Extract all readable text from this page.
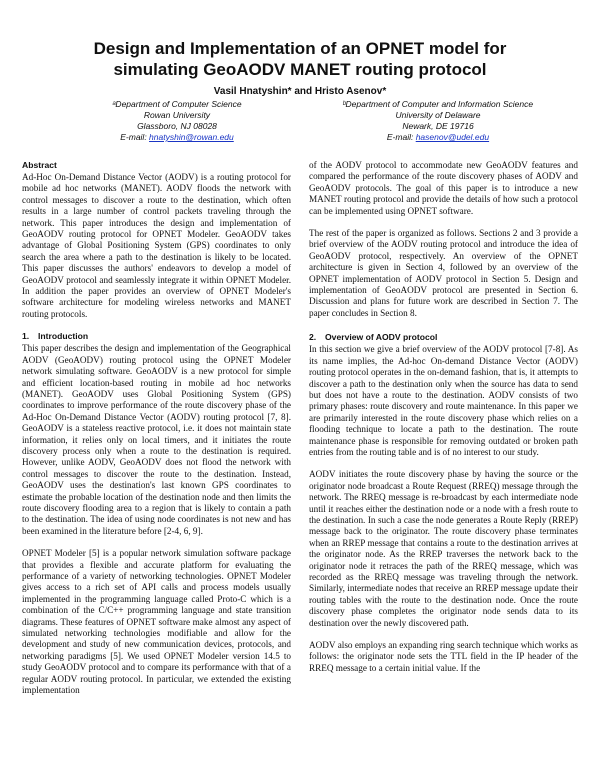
Design and Implementation of an OPNET model for simulating GeoAODV MANET routing protocol
Vasil Hnatyshin* and Hristo Asenov*
ᵃDepartment of Computer Science
Rowan University
Glassboro, NJ 08028
E-mail: hnatyshin@rowan.edu
ᵇDepartment of Computer and Information Science
University of Delaware
Newark, DE 19716
E-mail: hasenov@udel.edu
Abstract

Ad-Hoc On-Demand Distance Vector (AODV) is a routing protocol for mobile ad hoc networks (MANET). AODV floods the network with control messages to discover a route to the destination, which often results in a large number of control packets traveling through the network. This paper introduces the design and implementation of GeoAODV routing protocol for OPNET Modeler. GeoAODV takes advantage of Global Positioning System (GPS) coordinates to only search the area where a path to the destination is likely to be located. This paper discusses the authors' endeavors to develop a model of GeoAODV protocol and seamlessly integrate it within OPNET Modeler. In addition the paper provides an overview of OPNET Modeler's software architecture for modeling wireless networks and MANET routing protocols.

1. Introduction

This paper describes the design and implementation of the Geographical AODV (GeoAODV) routing protocol using the OPNET Modeler network simulating software. GeoAODV is a new protocol for simple and efficient location-based routing in mobile ad hoc networks (MANET). GeoAODV uses Global Positioning System (GPS) coordinates to improve performance of the route discovery phase of the Ad-Hoc On-Demand Distance Vector (AODV) routing protocol [7, 8]. GeoAODV is a stateless reactive protocol, i.e. it does not maintain state information, it relies only on local timers, and it initiates the route discovery process only when a route to the destination is required. However, unlike AODV, GeoAODV does not flood the network with control messages to discover the route to the destination. Instead, GeoAODV uses the destination's last known GPS coordinates to estimate the probable location of the destination node and then limits the route discovery flooding area to a region that is likely to contain a path to the destination. The idea of using node coordinates is not new and has been examined in the literature before [2-4, 6, 9].

OPNET Modeler [5] is a popular network simulation software package that provides a flexible and accurate platform for evaluating the performance of a variety of networking technologies. OPNET Modeler gives access to a rich set of API calls and process models usually implemented in the programming language called Proto-C which is a combination of the C/C++ programming language and state transition diagrams. These features of OPNET software make almost any aspect of simulated networking technologies modifiable and allow for the development and study of new communication devices, protocols, and networking paradigms [5]. We used OPNET Modeler version 14.5 to study GeoAODV protocol and to compare its performance with that of a regular AODV routing protocol. In particular, we extended the existing implementation

of the AODV protocol to accommodate new GeoAODV features and compared the performance of the route discovery phases of AODV and GeoAODV protocols. The goal of this paper is to introduce a new MANET routing protocol and provide the details of how such a protocol can be implemented using OPNET software.

The rest of the paper is organized as follows. Sections 2 and 3 provide a brief overview of the AODV routing protocol and introduce the idea of GeoAODV protocol, respectively. An overview of the OPNET architecture is given in Section 4, followed by an overview of the OPNET implementation of AODV protocol in Section 5. Design and implementation of GeoAODV protocol are presented in Section 6. Discussion and plans for future work are described in Section 7. The paper concludes in Section 8.

2. Overview of AODV protocol

In this section we give a brief overview of the AODV protocol [7-8]. As its name implies, the Ad-hoc On-demand Distance Vector (AODV) routing protocol operates in the on-demand fashion, that is, it attempts to discover a path to the destination only when the source has data to send but does not have a route to the destination. AODV consists of two primary phases: route discovery and route maintenance. In this paper we are primarily interested in the route discovery phase which relies on a flooding technique to locate a path to the destination. The route maintenance phase is responsible for removing outdated or broken path entries from the routing table and is of no interest to our study.

AODV initiates the route discovery phase by having the source or the originator node broadcast a Route Request (RREQ) message through the network. The RREQ message is re-broadcast by each intermediate node until it reaches either the destination node or a node with a fresh route to the destination. In such a case the node generates a Route Reply (RREP) message back to the originator. The route discovery phase terminates when an RREP message that contains a route to the destination arrives at the originator node. As the RREP traverses the network back to the originator node it retraces the path of the RREQ message, which was recorded as the RREQ message was traveling through the network. Similarly, intermediate nodes that receive an RREP message update their routing tables with the route to the destination node. Once the route discovery phase completes the originator node sends data to its destination over the newly discovered path.

AODV also employs an expanding ring search technique which works as follows: the originator node sets the TTL field in the IP header of the RREQ message to a certain initial value. If the
